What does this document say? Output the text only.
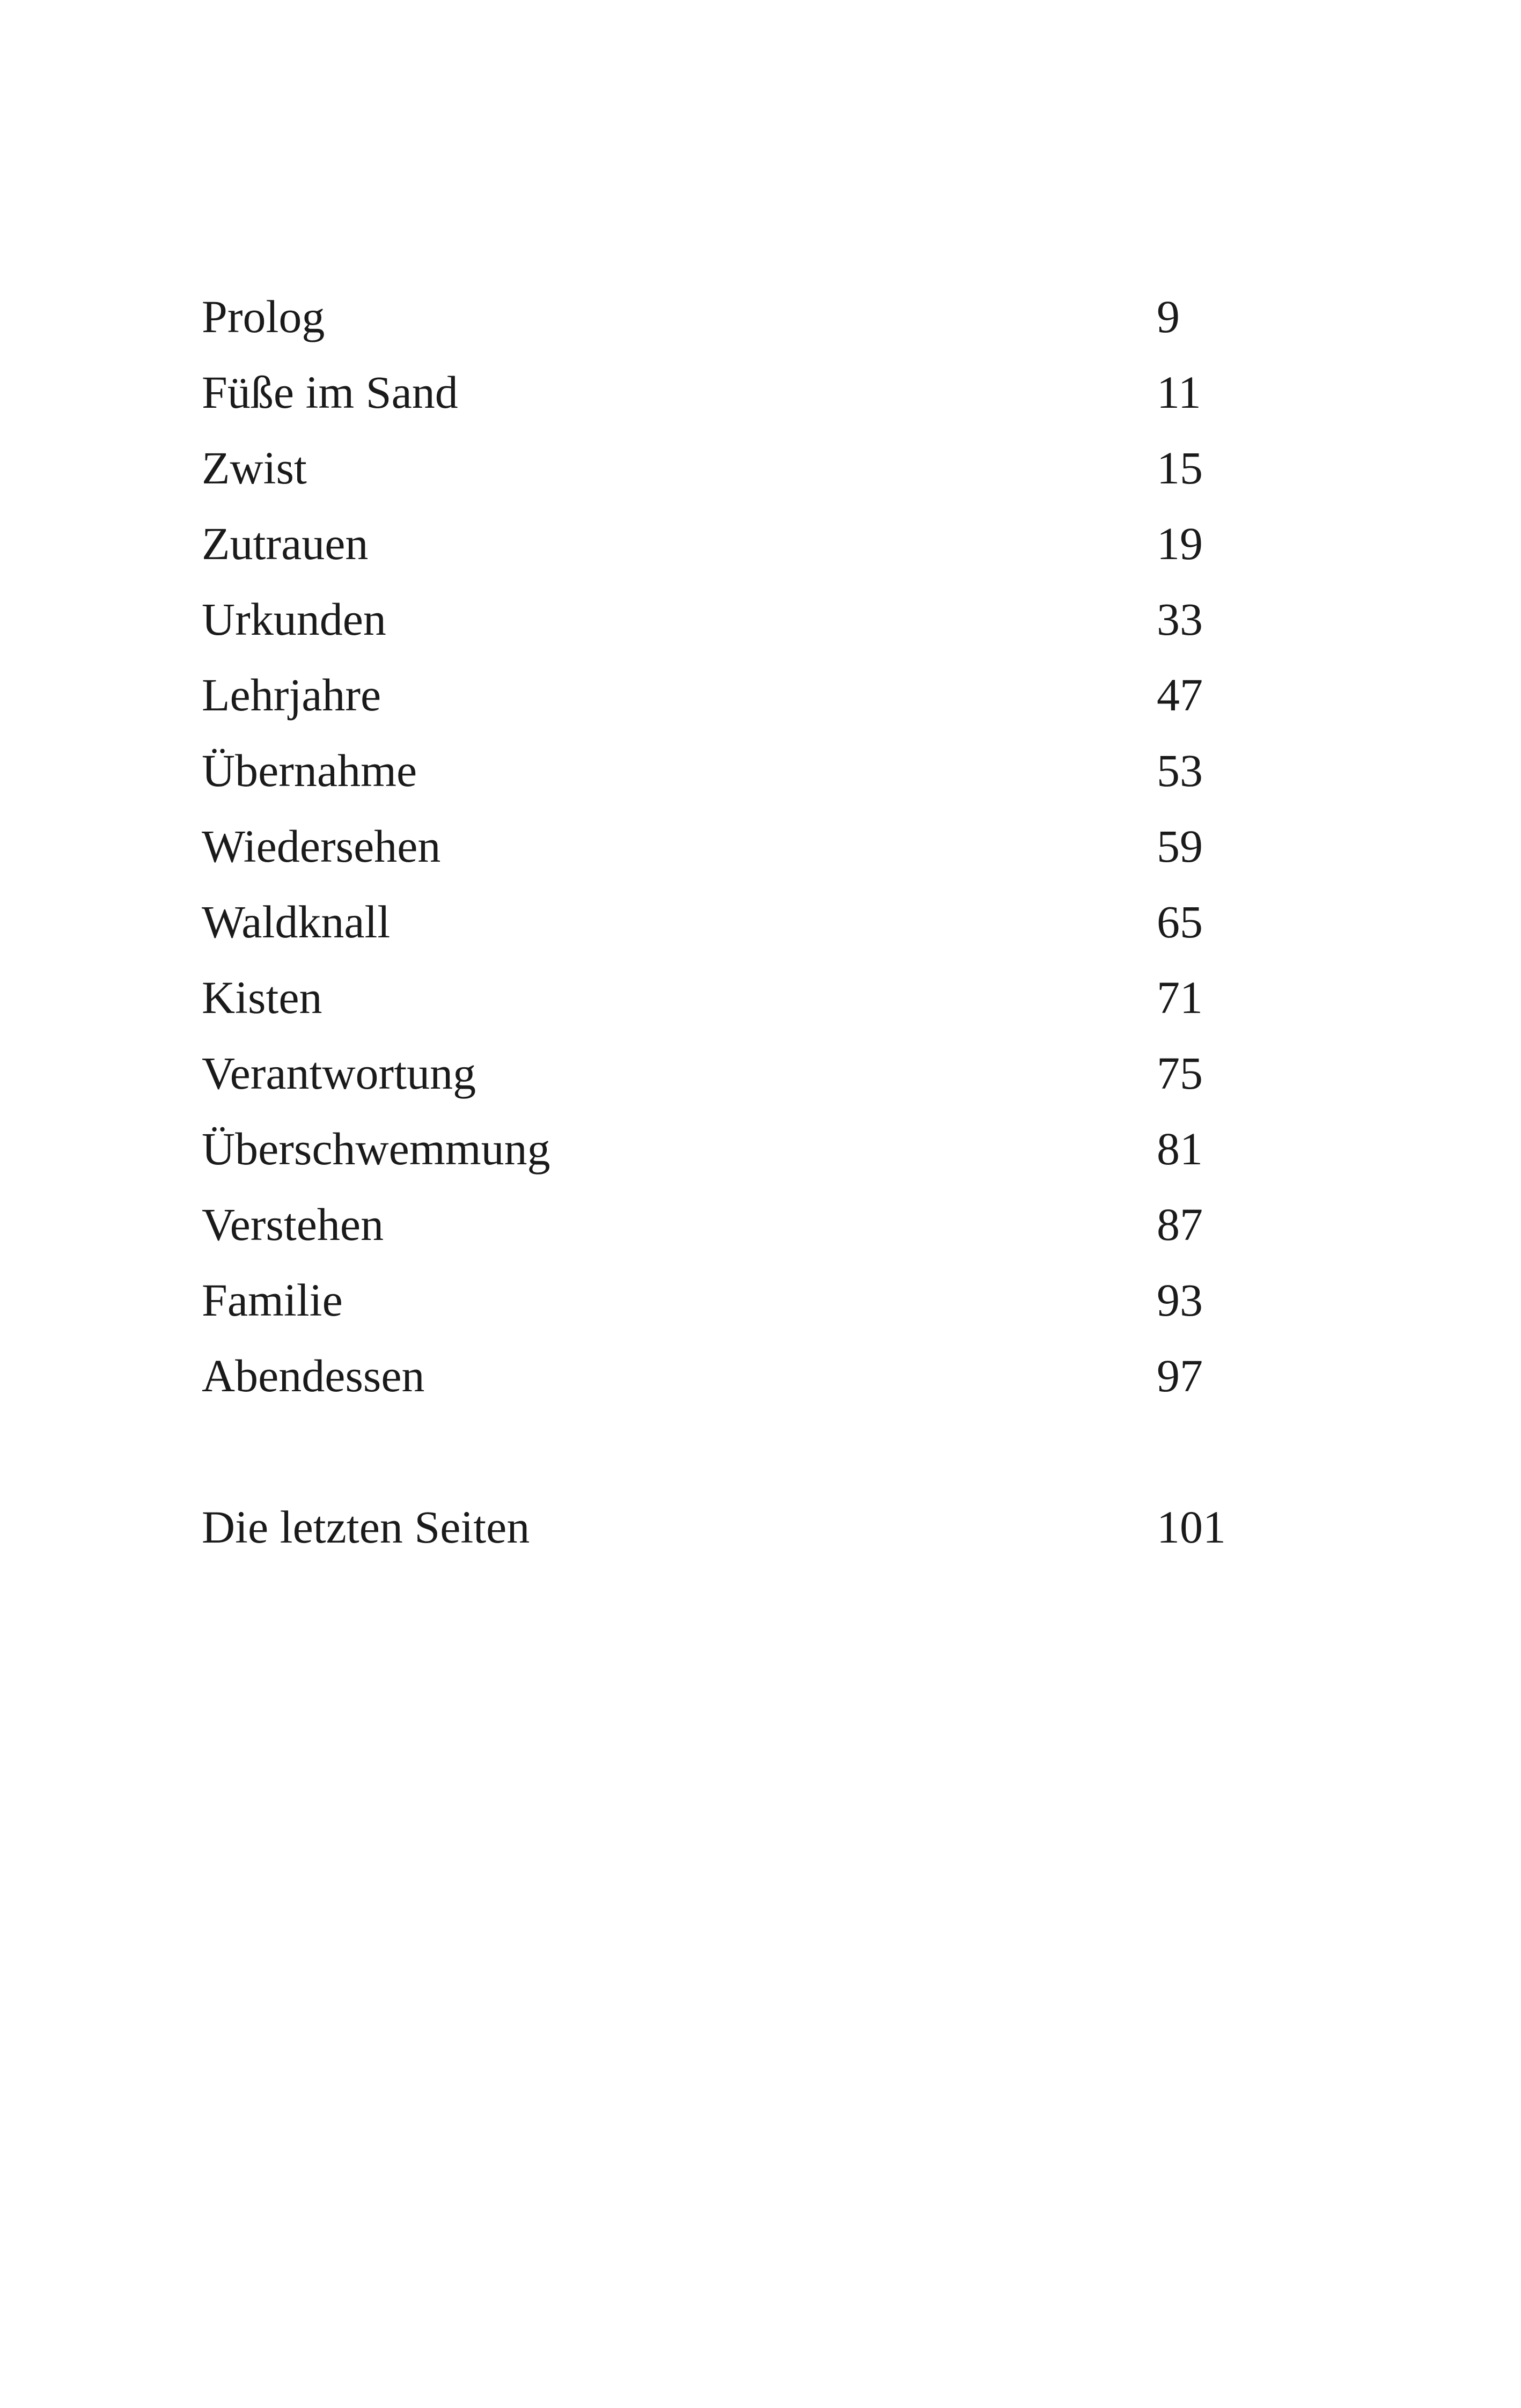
Prolog	9
Füße im Sand	11
Zwist	15
Zutrauen	19
Urkunden	33
Lehrjahre	47
Übernahme	53
Wiedersehen	59
Waldknall	65
Kisten	71
Verantwortung	75
Überschwemmung	81
Verstehen	87
Familie	93
Abendessen	97
Die letzten Seiten	101
